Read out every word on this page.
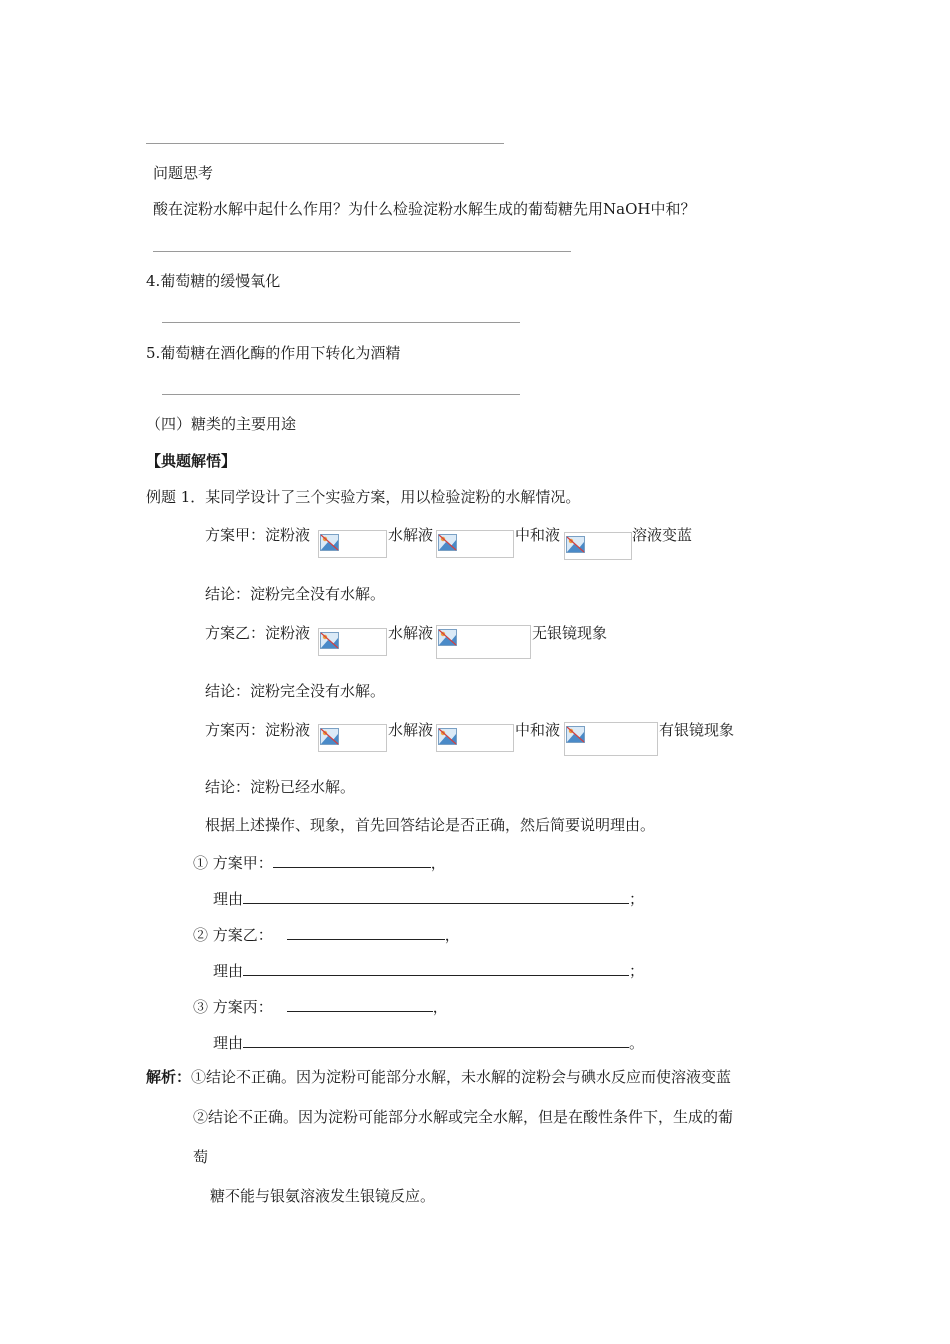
问题思考
酸在淀粉水解中起什么作用？为什么检验淀粉水解生成的葡萄糖先用NaOH中和？
4.葡萄糖的缓慢氧化
5.葡萄糖在酒化酶的作用下转化为酒精
（四）糖类的主要用途
【典题解悟】
例题 1．某同学设计了三个实验方案，用以检验淀粉的水解情况。
方案甲：淀粉液	水解液	中和液	溶液变蓝
结论：淀粉完全没有水解。
方案乙：淀粉液	水解液	无银镜现象
结论：淀粉完全没有水解。
方案丙：淀粉液	水解液	中和液	有银镜现象
结论：淀粉已经水解。
根据上述操作、现象，首先回答结论是否正确，然后简要说明理由。
① 方案甲：	，
理由	；
② 方案乙：	，
理由	；
③ 方案丙：	，
理由	。
解析：①结论不正确。因为淀粉可能部分水解，未水解的淀粉会与碘水反应而使溶液变蓝
②结论不正确。因为淀粉可能部分水解或完全水解，但是在酸性条件下，生成的葡
萄
糖不能与银氨溶液发生银镜反应。
